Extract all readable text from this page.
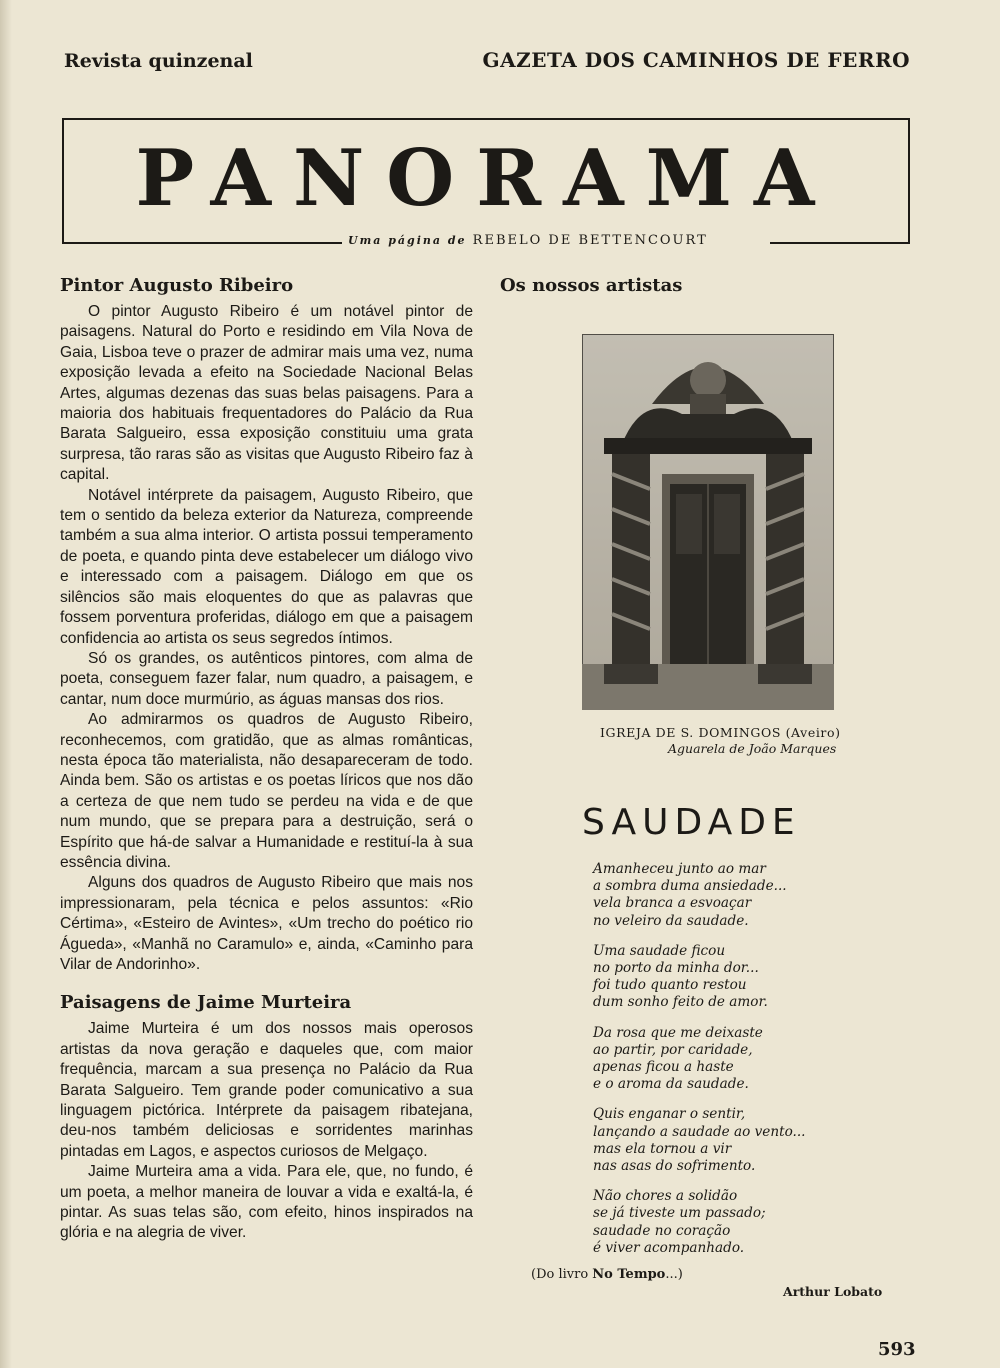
Revista quinzenal	GAZETA DOS CAMINHOS DE FERRO
PANORAMA
Uma página de REBELO DE BETTENCOURT
Pintor Augusto Ribeiro

O pintor Augusto Ribeiro é um notável pintor de paisagens. Natural do Porto e residindo em Vila Nova de Gaia, Lisboa teve o prazer de admirar mais uma vez, numa exposição levada a efeito na Sociedade Nacional Belas Artes, algumas dezenas das suas belas paisagens. Para a maioria dos habituais frequentadores do Palácio da Rua Barata Salgueiro, essa exposição constituiu uma grata surpresa, tão raras são as visitas que Augusto Ribeiro faz à capital.

Notável intérprete da paisagem, Augusto Ribeiro, que tem o sentido da beleza exterior da Natureza, compreende também a sua alma interior. O artista possui temperamento de poeta, e quando pinta deve estabelecer um diálogo vivo e interessado com a paisagem. Diálogo em que os silêncios são mais eloquentes do que as palavras que fossem porventura proferidas, diálogo em que a paisagem confidencia ao artista os seus segredos íntimos.

Só os grandes, os autênticos pintores, com alma de poeta, conseguem fazer falar, num quadro, a paisagem, e cantar, num doce murmúrio, as águas mansas dos rios.

Ao admirarmos os quadros de Augusto Ribeiro, reconhecemos, com gratidão, que as almas românticas, nesta época tão materialista, não desapareceram de todo. Ainda bem. São os artistas e os poetas líricos que nos dão a certeza de que nem tudo se perdeu na vida e de que num mundo, que se prepara para a destruição, será o Espírito que há-de salvar a Humanidade e restituí-la à sua essência divina.

Alguns dos quadros de Augusto Ribeiro que mais nos impressionaram, pela técnica e pelos assuntos: «Rio Cértima», «Esteiro de Avintes», «Um trecho do poético rio Águeda», «Manhã no Caramulo» e, ainda, «Caminho para Vilar de Andorinho».

Paisagens de Jaime Murteira

Jaime Murteira é um dos nossos mais operosos artistas da nova geração e daqueles que, com maior frequência, marcam a sua presença no Palácio da Rua Barata Salgueiro. Tem grande poder comunicativo a sua linguagem pictórica. Intérprete da paisagem ribatejana, deu-nos também deliciosas e sorridentes marinhas pintadas em Lagos, e aspectos curiosos de Melgaço.

Jaime Murteira ama a vida. Para ele, que, no fundo, é um poeta, a melhor maneira de louvar a vida e exaltá-la, é pintar. As suas telas são, com efeito, hinos inspirados na glória e na alegria de viver.

Os nossos artistas
IGREJA DE S. DOMINGOS (Aveiro)
Aguarela de João Marques
SAUDADE
Amanheceu junto ao mar
a sombra duma ansiedade...
vela branca a esvoaçar
no veleiro da saudade.
Uma saudade ficou
no porto da minha dor...
foi tudo quanto restou
dum sonho feito de amor.
Da rosa que me deixaste
ao partir, por caridade,
apenas ficou a haste
e o aroma da saudade.
Quis enganar o sentir,
lançando a saudade ao vento...
mas ela tornou a vir
nas asas do sofrimento.
Não chores a solidão
se já tiveste um passado;
saudade no coração
é viver acompanhado.
(Do livro No Tempo...)
Arthur Lobato
593
